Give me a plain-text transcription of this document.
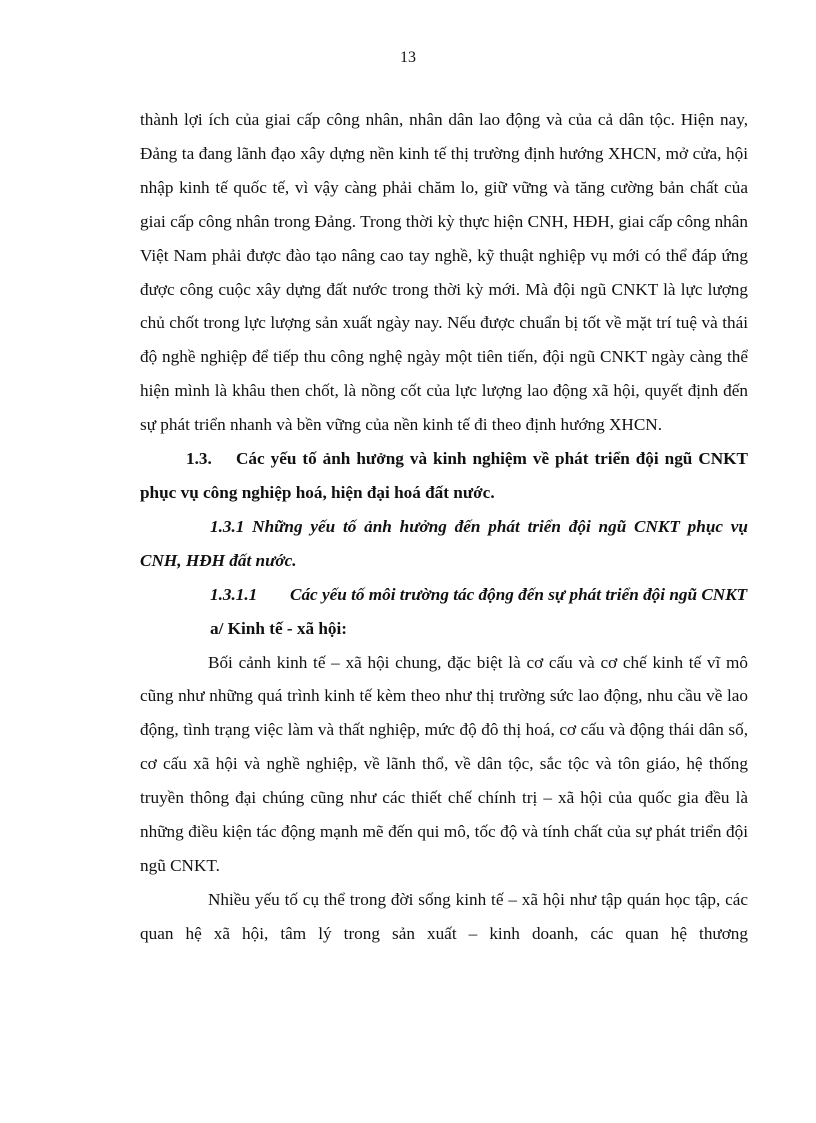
13

thành lợi ích của giai cấp công nhân, nhân dân lao động và của cả dân tộc. Hiện nay, Đảng ta đang lãnh đạo xây dựng nền kinh tế thị trường định hướng XHCN, mở cửa, hội nhập kinh tế quốc tế, vì vậy càng phải chăm lo, giữ vững và tăng cường bản chất của giai cấp công nhân trong Đảng. Trong thời kỳ thực hiện CNH, HĐH, giai cấp công nhân Việt Nam phải được đào tạo nâng cao tay nghề, kỹ thuật nghiệp vụ mới có thể đáp ứng được công cuộc xây dựng đất nước trong thời kỳ mới. Mà đội ngũ CNKT là lực lượng chủ chốt trong lực lượng sản xuất ngày nay. Nếu được chuẩn bị tốt về mặt trí tuệ và thái độ nghề nghiệp để tiếp thu công nghệ ngày một tiên tiến, đội ngũ CNKT ngày càng thể hiện mình là khâu then chốt, là nồng cốt của lực lượng lao động xã hội, quyết định đến sự phát triển nhanh và bền vững của nền kinh tế đi theo định hướng XHCN.

1.3. Các yếu tố ảnh hưởng và kinh nghiệm về phát triển đội ngũ CNKT phục vụ công nghiệp hoá, hiện đại hoá đất nước.

1.3.1 Những yếu tố ảnh hưởng đến phát triển đội ngũ CNKT phục vụ CNH, HĐH đất nước.

1.3.1.1 Các yếu tố môi trường tác động đến sự phát triển đội ngũ CNKT

a/ Kinh tế - xã hội:

Bối cảnh kinh tế – xã hội chung, đặc biệt là cơ cấu và cơ chế kinh tế vĩ mô cũng như những quá trình kinh tế kèm theo như thị trường sức lao động, nhu cầu về lao động, tình trạng việc làm và thất nghiệp, mức độ đô thị hoá, cơ cấu và động thái dân số, cơ cấu xã hội và nghề nghiệp, về lãnh thổ, về dân tộc, sắc tộc và tôn giáo, hệ thống truyền thông đại chúng cũng như các thiết chế chính trị – xã hội của quốc gia đều là những điều kiện tác động mạnh mẽ đến qui mô, tốc độ và tính chất của sự phát triển đội ngũ CNKT.

Nhiều yếu tố cụ thể trong đời sống kinh tế – xã hội như tập quán học tập, các quan hệ xã hội, tâm lý trong sản xuất – kinh doanh, các quan hệ thương
